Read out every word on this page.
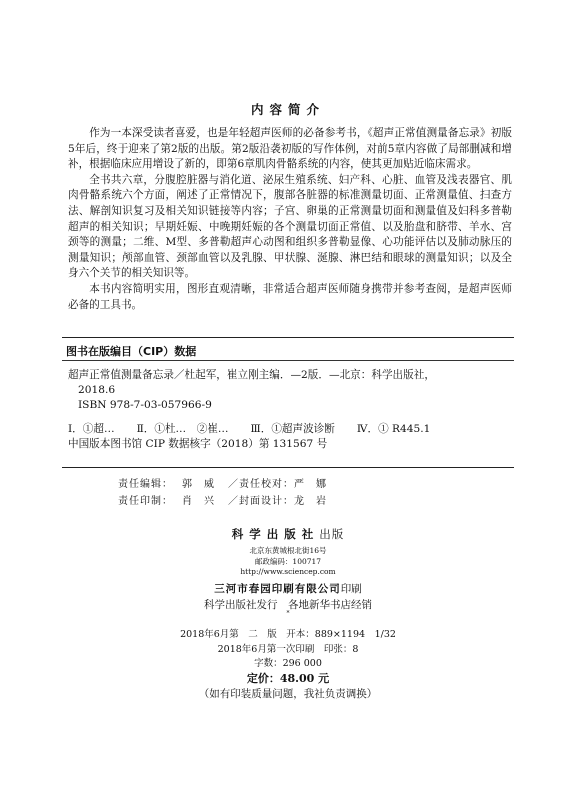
内容简介

作为一本深受读者喜爱，也是年轻超声医师的必备参考书，《超声正常值测量备忘录》初版5年后，终于迎来了第2版的出版。第2版沿袭初版的写作体例，对前5章内容做了局部删减和增补，根据临床应用增设了新的，即第6章肌肉骨骼系统的内容，使其更加贴近临床需求。

全书共六章，分腹腔脏器与消化道、泌尿生殖系统、妇产科、心脏、血管及浅表器官、肌肉骨骼系统六个方面，阐述了正常情况下，腹部各脏器的标准测量切面、正常测量值、扫查方法、解剖知识复习及相关知识链接等内容；子宫、卵巢的正常测量切面和测量值及妇科多普勒超声的相关知识；早期妊娠、中晚期妊娠的各个测量切面正常值、以及胎盘和脐带、羊水、宫颈等的测量；二维、M型、多普勒超声心动图和组织多普勒显像、心功能评估以及肺动脉压的测量知识；颅部血管、颈部血管以及乳腺、甲状腺、涎腺、淋巴结和眼球的测量知识；以及全身六个关节的相关知识等。

本书内容简明实用，图形直观清晰，非常适合超声医师随身携带并参考查阅，是超声医师必备的工具书。

图书在版编目（CIP）数据
超声正常值测量备忘录／杜起军，崔立刚主编．—2版．—北京：科学出版社，
2018.6
ISBN 978-7-03-057966-9
Ⅰ．①超… Ⅱ．①杜…　②崔… Ⅲ．①超声波诊断 Ⅳ．① R445.1
中国版本图书馆 CIP 数据核字（2018）第 131567 号
责任编辑： 郭　威 ／责任校对：严　娜
责任印制： 肖　兴 ／封面设计：龙　岩
科学出版社出版
北京东黄城根北街16号
邮政编码：100717
http://www.sciencep.com
三河市春园印刷有限公司印刷
科学出版社发行　各地新华书店经销
*
2018年6月第　二　版　开本：889×1194　1/32
2018年6月第一次印刷　印张：8
字数：296 000
定价：48.00 元
（如有印装质量问题，我社负责调换）
